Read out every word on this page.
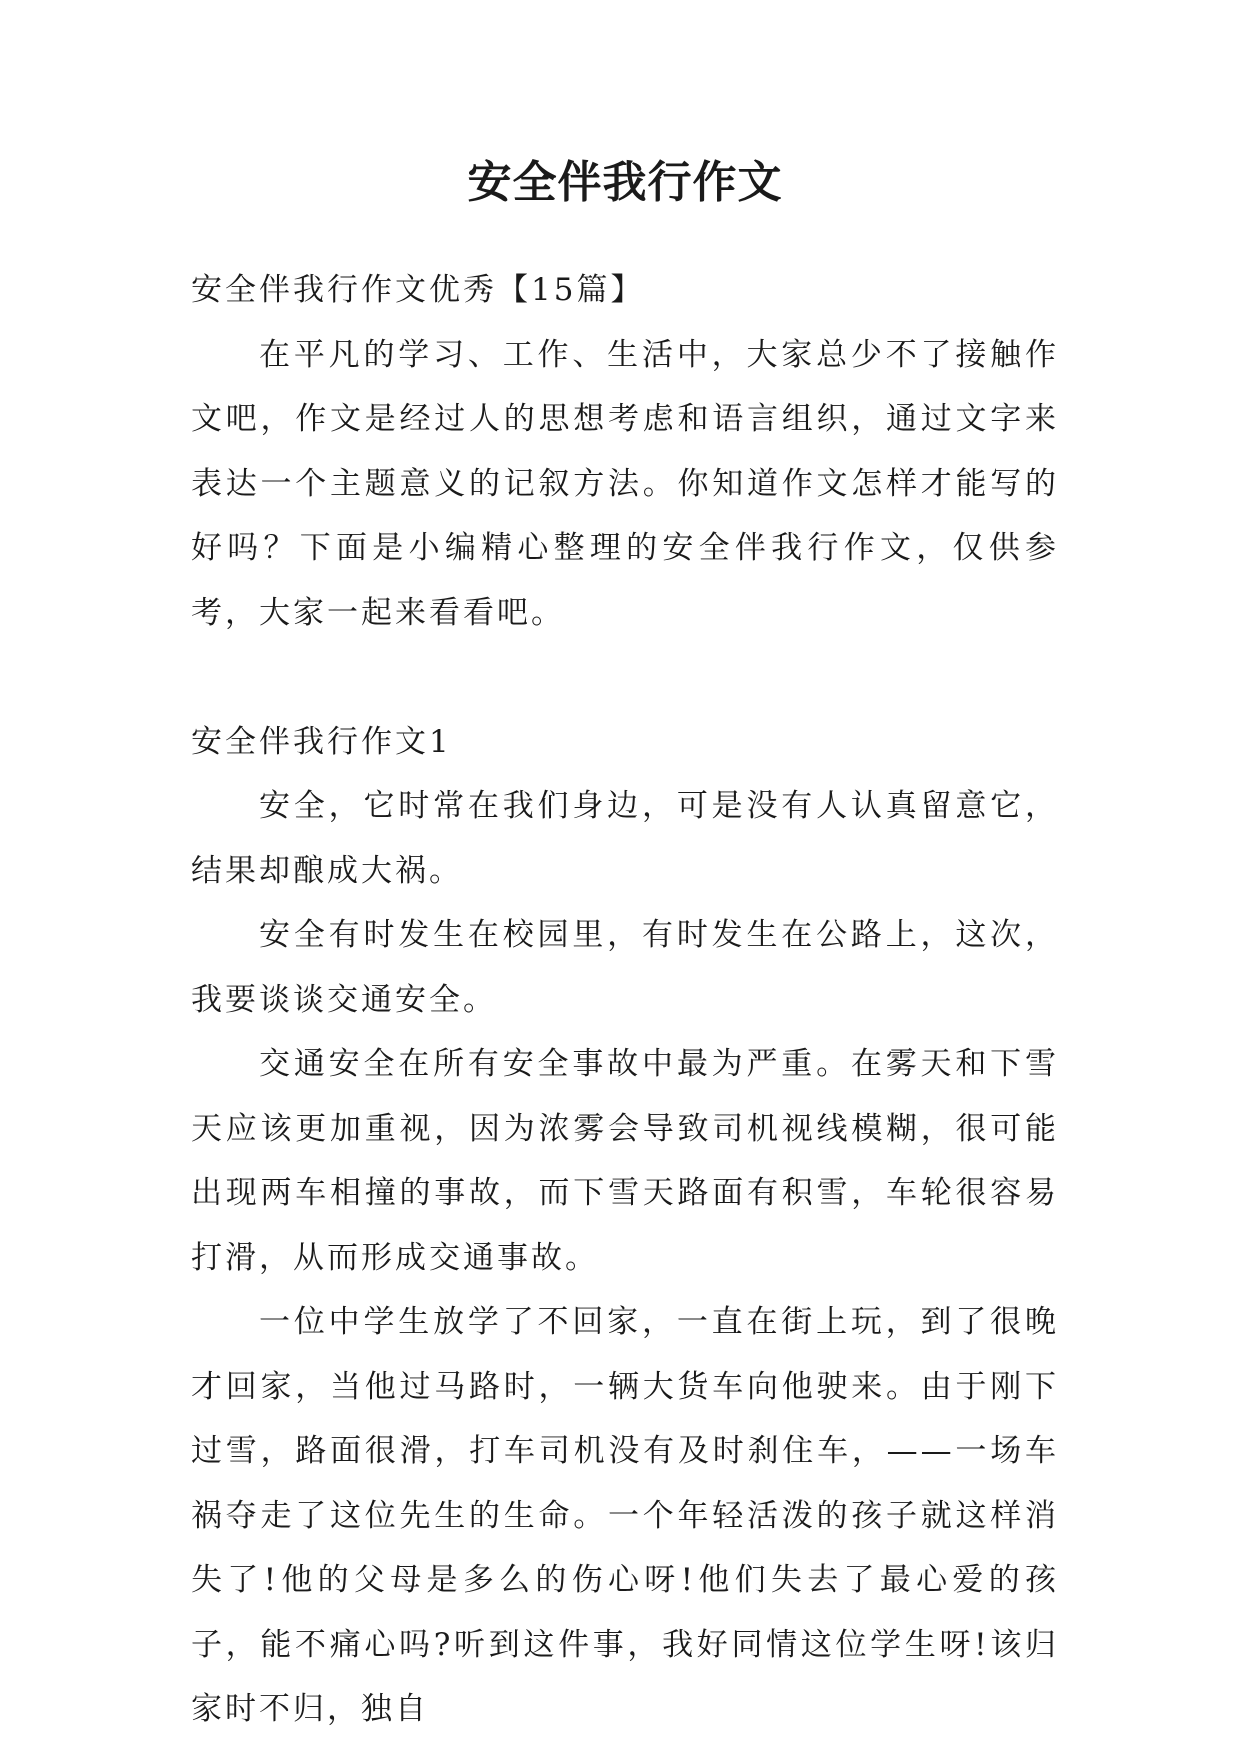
安全伴我行作文

安全伴我行作文优秀【15篇】

在平凡的学习、工作、生活中，大家总少不了接触作文吧，作文是经过人的思想考虑和语言组织，通过文字来表达一个主题意义的记叙方法。你知道作文怎样才能写的好吗？下面是小编精心整理的安全伴我行作文，仅供参考，大家一起来看看吧。

安全伴我行作文1

安全，它时常在我们身边，可是没有人认真留意它，结果却酿成大祸。

安全有时发生在校园里，有时发生在公路上，这次，我要谈谈交通安全。

交通安全在所有安全事故中最为严重。在雾天和下雪天应该更加重视，因为浓雾会导致司机视线模糊，很可能出现两车相撞的事故，而下雪天路面有积雪，车轮很容易打滑，从而形成交通事故。

一位中学生放学了不回家，一直在街上玩，到了很晚才回家，当他过马路时，一辆大货车向他驶来。由于刚下过雪，路面很滑，打车司机没有及时刹住车，——一场车祸夺走了这位先生的生命。一个年轻活泼的孩子就这样消失了!他的父母是多么的伤心呀!他们失去了最心爱的孩子，能不痛心吗?听到这件事，我好同情这位学生呀!该归家时不归，独自
